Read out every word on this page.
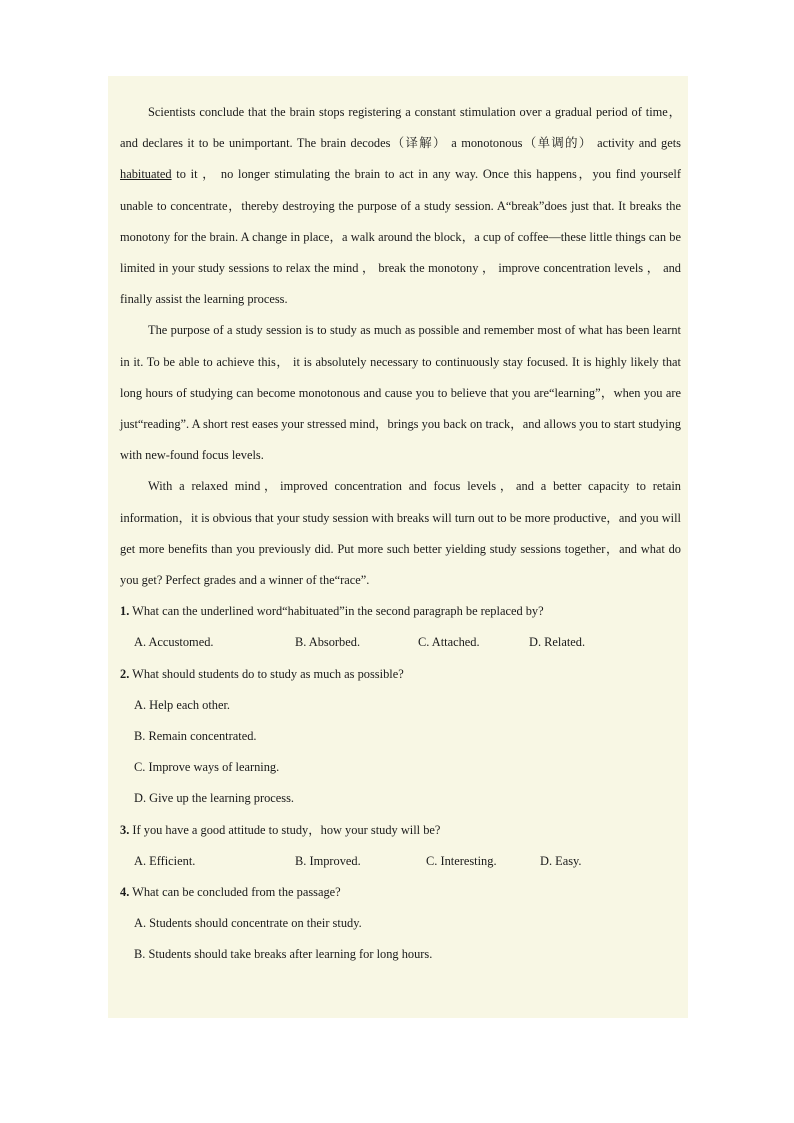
Scientists conclude that the brain stops registering a constant stimulation over a gradual period of time，and declares it to be unimportant. The brain decodes（译解） a monotonous（单调的） activity and gets habituated to it ， no longer stimulating the brain to act in any way. Once this happens，you find yourself unable to concentrate，thereby destroying the purpose of a study session. A“break”does just that. It breaks the monotony for the brain. A change in place，a walk around the block，a cup of coffee—these little things can be limited in your study sessions to relax the mind ， break the monotony ， improve concentration levels ， and finally assist the learning process.

The purpose of a study session is to study as much as possible and remember most of what has been learnt in it. To be able to achieve this， it is absolutely necessary to continuously stay focused. It is highly likely that long hours of studying can become monotonous and cause you to believe that you are“learning”，when you are just“reading”. A short rest eases your stressed mind，brings you back on track，and allows you to start studying with new-found focus levels.

With a relaxed mind，improved concentration and focus levels，and a better capacity to retain information，it is obvious that your study session with breaks will turn out to be more productive，and you will get more benefits than you previously did. Put more such better yielding study sessions together，and what do you get? Perfect grades and a winner of the“race”.

1. What can the underlined word“habituated”in the second paragraph be replaced by?

A. Accustomed.	B. Absorbed.	C. Attached.	D. Related.

2. What should students do to study as much as possible?

A. Help each other.

B. Remain concentrated.

C. Improve ways of learning.

D. Give up the learning process.

3. If you have a good attitude to study，how your study will be?

A. Efficient.	B. Improved.	C. Interesting.	D. Easy.

4. What can be concluded from the passage?

A. Students should concentrate on their study.

B. Students should take breaks after learning for long hours.
